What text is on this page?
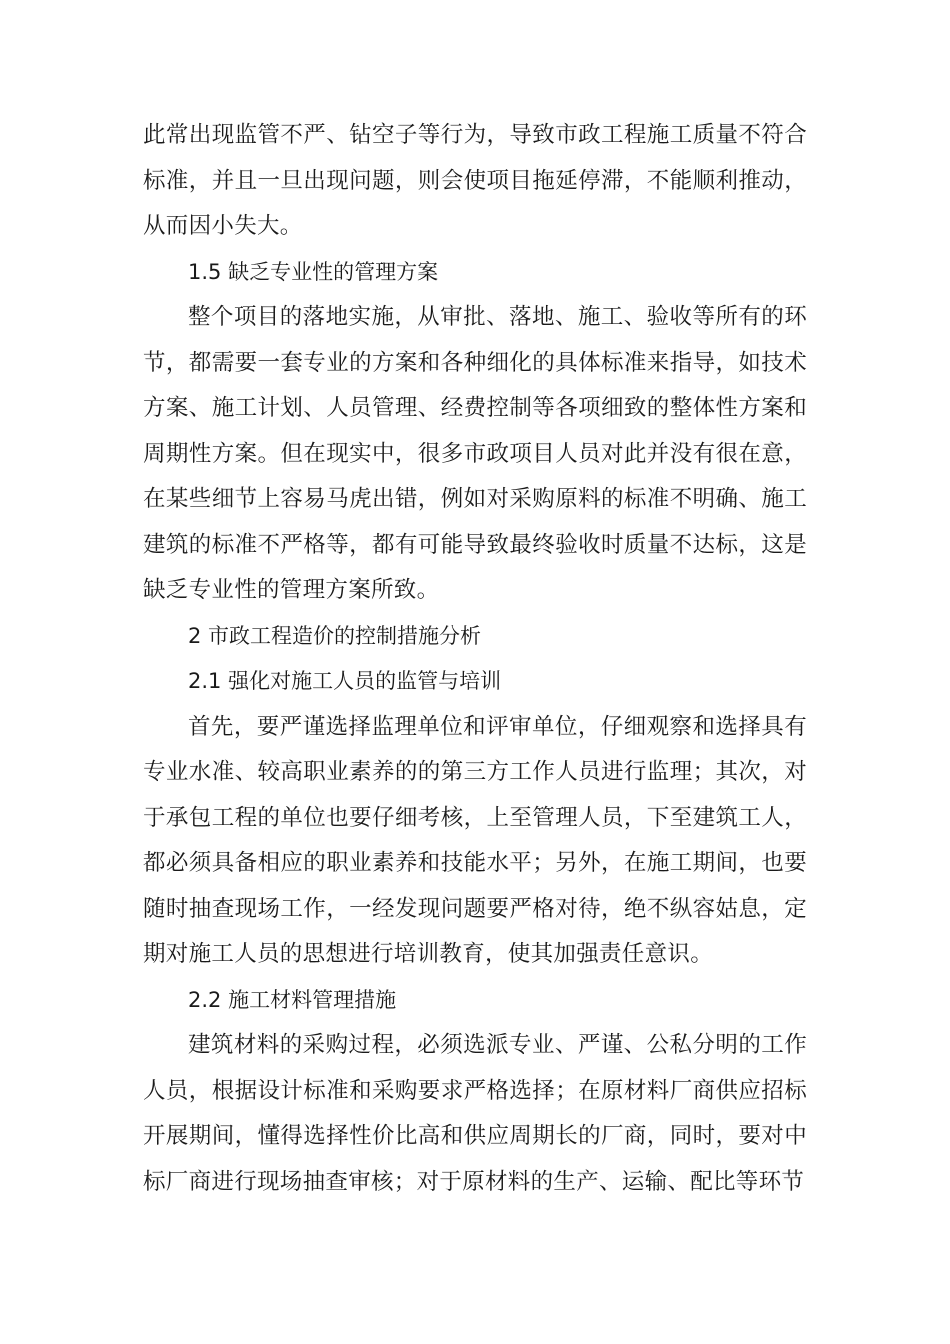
此常出现监管不严、钻空子等行为，导致市政工程施工质量不符合标准，并且一旦出现问题，则会使项目拖延停滞，不能顺利推动，从而因小失大。

1.5 缺乏专业性的管理方案

整个项目的落地实施，从审批、落地、施工、验收等所有的环节，都需要一套专业的方案和各种细化的具体标准来指导，如技术方案、施工计划、人员管理、经费控制等各项细致的整体性方案和周期性方案。但在现实中，很多市政项目人员对此并没有很在意，在某些细节上容易马虎出错，例如对采购原料的标准不明确、施工建筑的标准不严格等，都有可能导致最终验收时质量不达标，这是缺乏专业性的管理方案所致。

2 市政工程造价的控制措施分析

2.1 强化对施工人员的监管与培训

首先，要严谨选择监理单位和评审单位，仔细观察和选择具有专业水准、较高职业素养的的第三方工作人员进行监理；其次，对于承包工程的单位也要仔细考核，上至管理人员，下至建筑工人，都必须具备相应的职业素养和技能水平；另外，在施工期间，也要随时抽查现场工作，一经发现问题要严格对待，绝不纵容姑息，定期对施工人员的思想进行培训教育，使其加强责任意识。

2.2 施工材料管理措施

建筑材料的采购过程，必须选派专业、严谨、公私分明的工作人员，根据设计标准和采购要求严格选择；在原材料厂商供应招标开展期间，懂得选择性价比高和供应周期长的厂商，同时，要对中标厂商进行现场抽查审核；对于原材料的生产、运输、配比等环节
